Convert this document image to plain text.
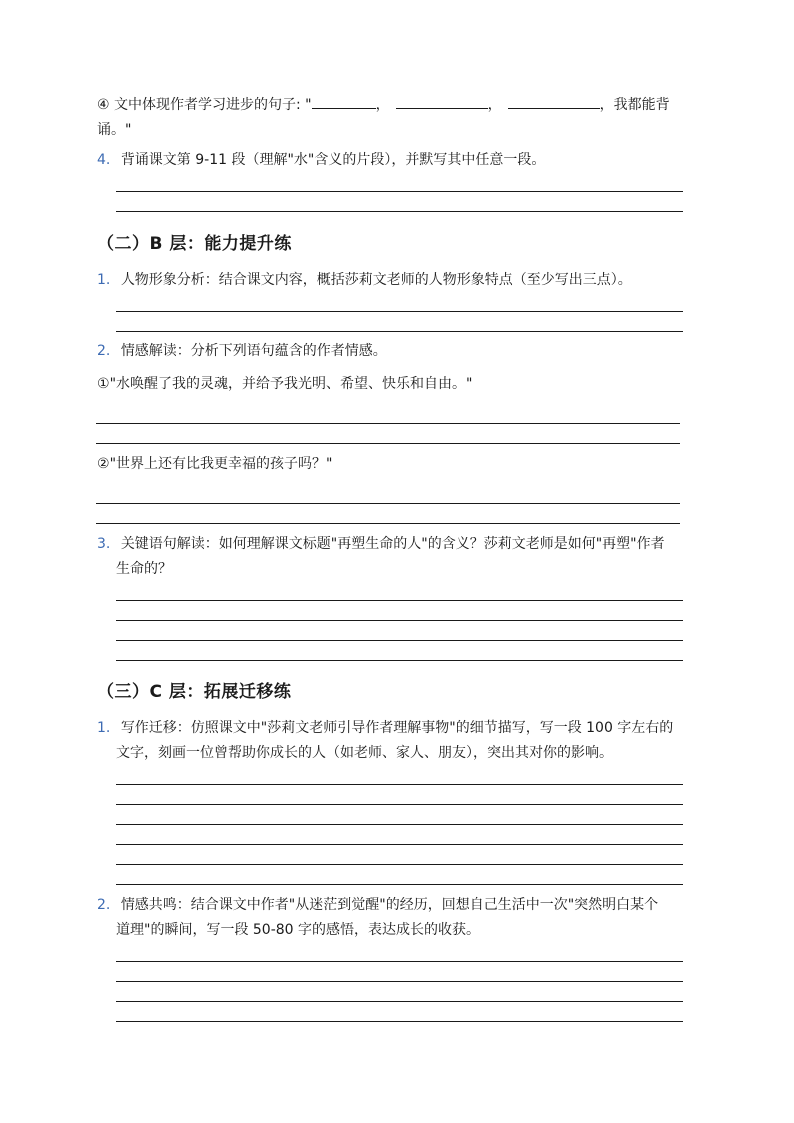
④ 文中体现作者学习进步的句子: "	，	，	，我都能背
诵。"
4. 背诵课文第 9-11 段（理解"水"含义的片段），并默写其中任意一段。
（二）B 层：能力提升练
1. 人物形象分析：结合课文内容，概括莎莉文老师的人物形象特点（至少写出三点）。
2. 情感解读：分析下列语句蕴含的作者情感。
①"水唤醒了我的灵魂，并给予我光明、希望、快乐和自由。"
②"世界上还有比我更幸福的孩子吗？"
3. 关键语句解读：如何理解课文标题"再塑生命的人"的含义？莎莉文老师是如何"再塑"作者
生命的？
（三）C 层：拓展迁移练
1. 写作迁移：仿照课文中"莎莉文老师引导作者理解事物"的细节描写，写一段 100 字左右的
文字，刻画一位曾帮助你成长的人（如老师、家人、朋友），突出其对你的影响。
2. 情感共鸣：结合课文中作者"从迷茫到觉醒"的经历，回想自己生活中一次"突然明白某个
道理"的瞬间，写一段 50-80 字的感悟，表达成长的收获。
